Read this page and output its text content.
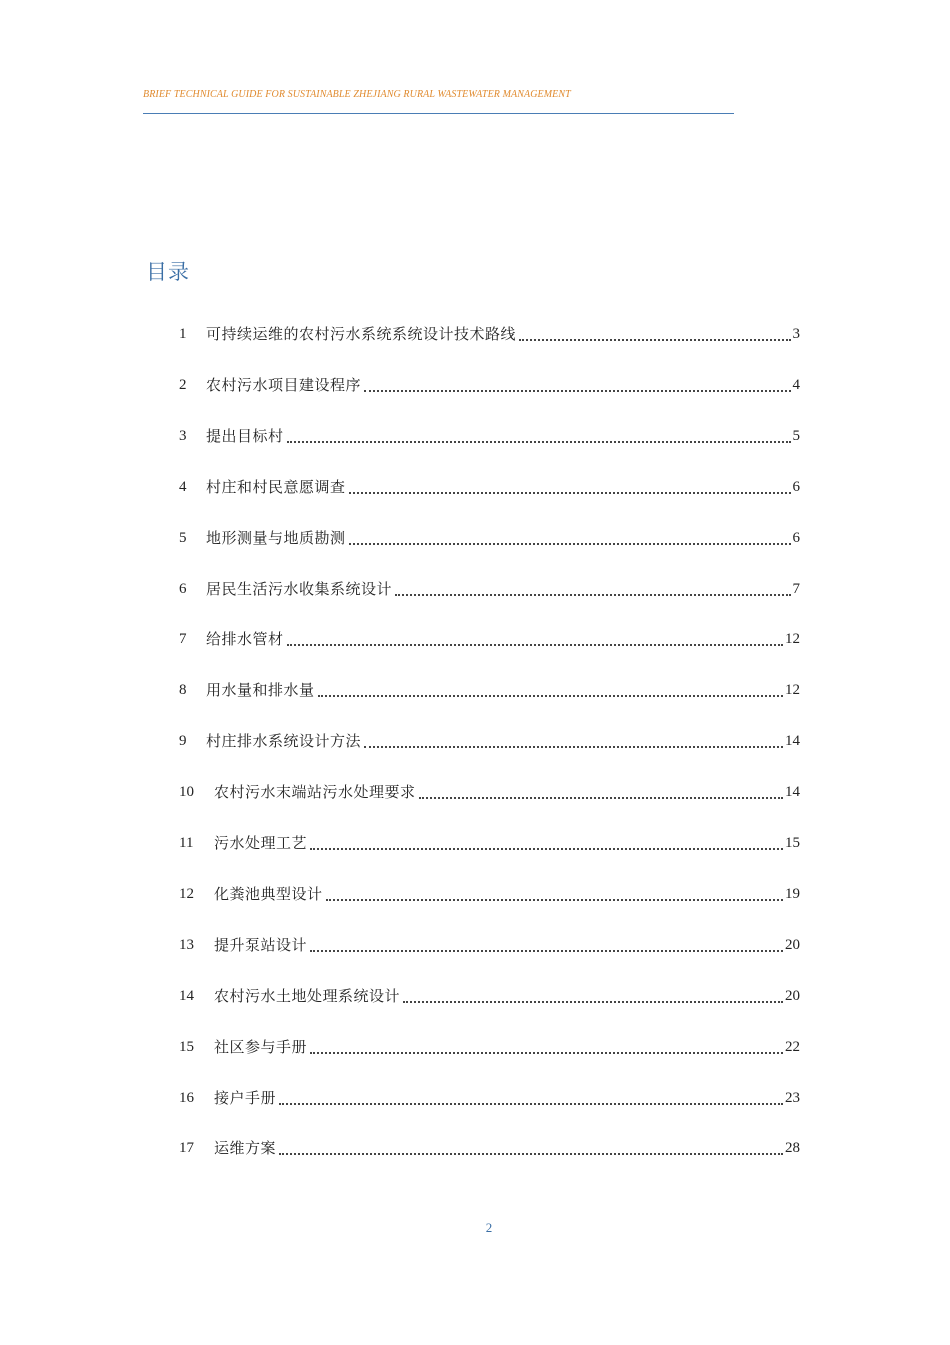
BRIEF TECHNICAL GUIDE FOR SUSTAINABLE ZHEJIANG RURAL WASTEWATER MANAGEMENT
目录
1	可持续运维的农村污水系统系统设计技术路线	3
2	农村污水项目建设程序	4
3	提出目标村	5
4	村庄和村民意愿调查	6
5	地形测量与地质勘测	6
6	居民生活污水收集系统设计	7
7	给排水管材	12
8	用水量和排水量	12
9	村庄排水系统设计方法	14
10	农村污水末端站污水处理要求	14
11	污水处理工艺	15
12	化粪池典型设计	19
13	提升泵站设计	20
14	农村污水土地处理系统设计	20
15	社区参与手册	22
16	接户手册	23
17	运维方案	28
2
